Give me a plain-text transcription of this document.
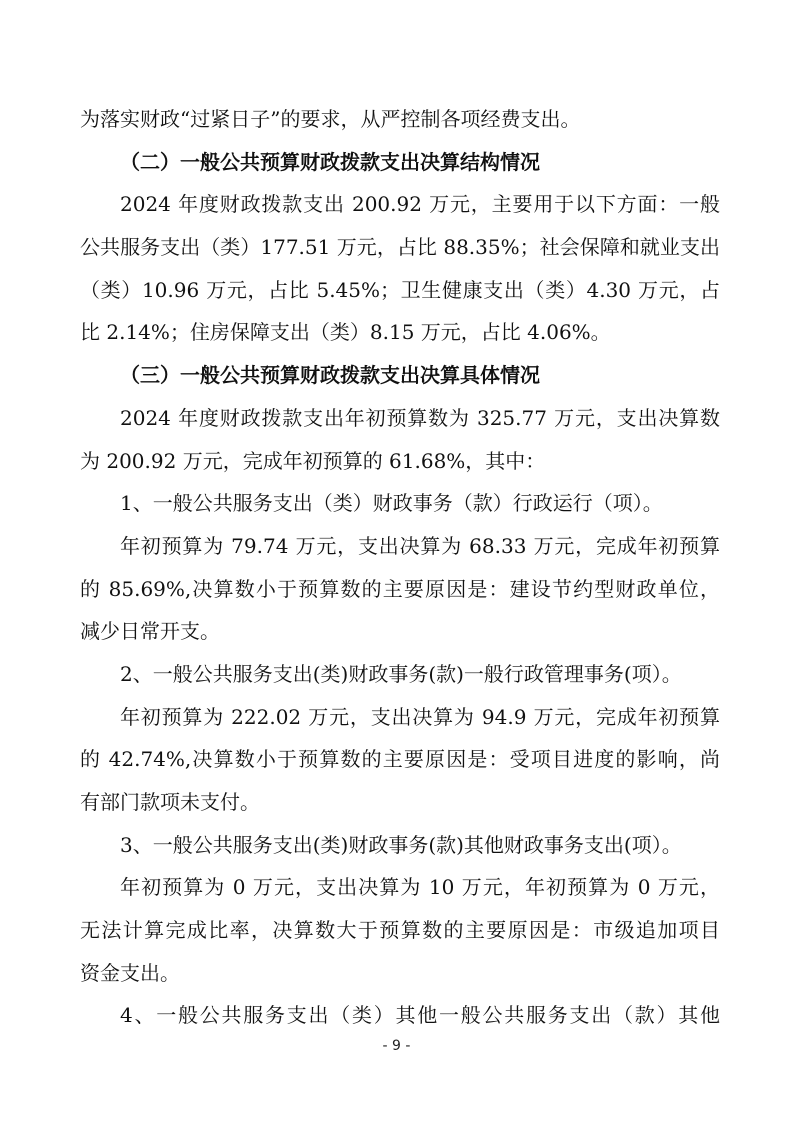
为落实财政“过紧日子”的要求，从严控制各项经费支出。
（二）一般公共预算财政拨款支出决算结构情况
2024 年度财政拨款支出 200.92 万元，主要用于以下方面：一般
公共服务支出（类）177.51 万元，占比 88.35%；社会保障和就业支出
（类）10.96 万元，占比 5.45%；卫生健康支出（类）4.30 万元，占
比 2.14%；住房保障支出（类）8.15 万元，占比 4.06%。
（三）一般公共预算财政拨款支出决算具体情况
2024 年度财政拨款支出年初预算数为 325.77 万元，支出决算数
为 200.92 万元，完成年初预算的 61.68%，其中：
1、一般公共服务支出（类）财政事务（款）行政运行（项）。
年初预算为 79.74 万元，支出决算为 68.33 万元，完成年初预算
的 85.69%,决算数小于预算数的主要原因是：建设节约型财政单位，
减少日常开支。
2、一般公共服务支出(类)财政事务(款)一般行政管理事务(项）。
年初预算为 222.02 万元，支出决算为 94.9 万元，完成年初预算
的 42.74%,决算数小于预算数的主要原因是：受项目进度的影响，尚
有部门款项未支付。
3、一般公共服务支出(类)财政事务(款)其他财政事务支出(项）。
年初预算为 0 万元，支出决算为 10 万元，年初预算为 0 万元，
无法计算完成比率，决算数大于预算数的主要原因是：市级追加项目
资金支出。
4、一般公共服务支出（类）其他一般公共服务支出（款）其他
- 9 -
